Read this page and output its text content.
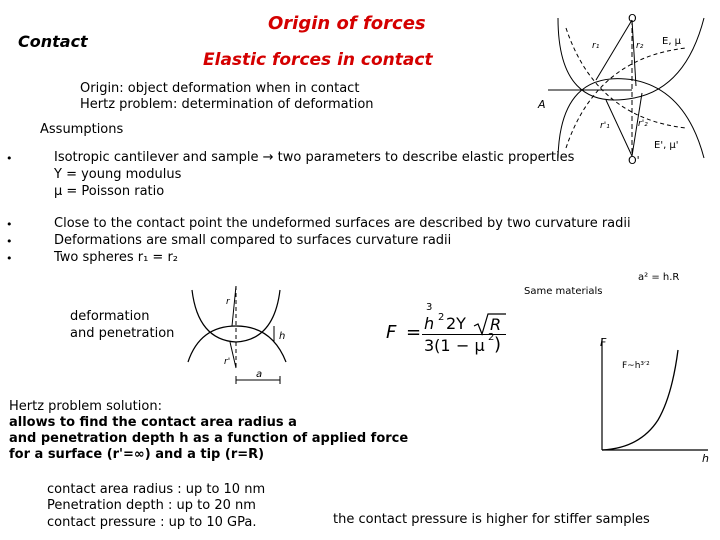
Contact
Origin of forces
Elastic forces in contact
Origin: object deformation when in contact
Hertz problem: determination of deformation
Assumptions
•	Isotropic cantilever and sample → two parameters to describe elastic properties
Y = young modulus
µ = Poisson ratio
•	Close to the contact point the undeformed surfaces are described by two curvature radii
•	Deformations are small compared to surfaces curvature radii
•	Two spheres r₁ = r₂
Same materials
a² = h.R
deformation
and penetration	F =
3
h 2 2Y R
3(1 − µ 2 )
Hertz problem solution:
allows to find the contact area radius a
and penetration depth h as a function of applied force
for a surface (r'=∞) and a tip (r=R)
contact area radius : up to 10 nm
Penetration depth : up to 20 nm
contact pressure : up to 10 GPa.	the contact pressure is higher for stiffer samples
O
O'
r₁	r₂
r'₁	r'₂
E, µ
E', µ'
A
r
r'
h
a
F
h
F~h³′²
